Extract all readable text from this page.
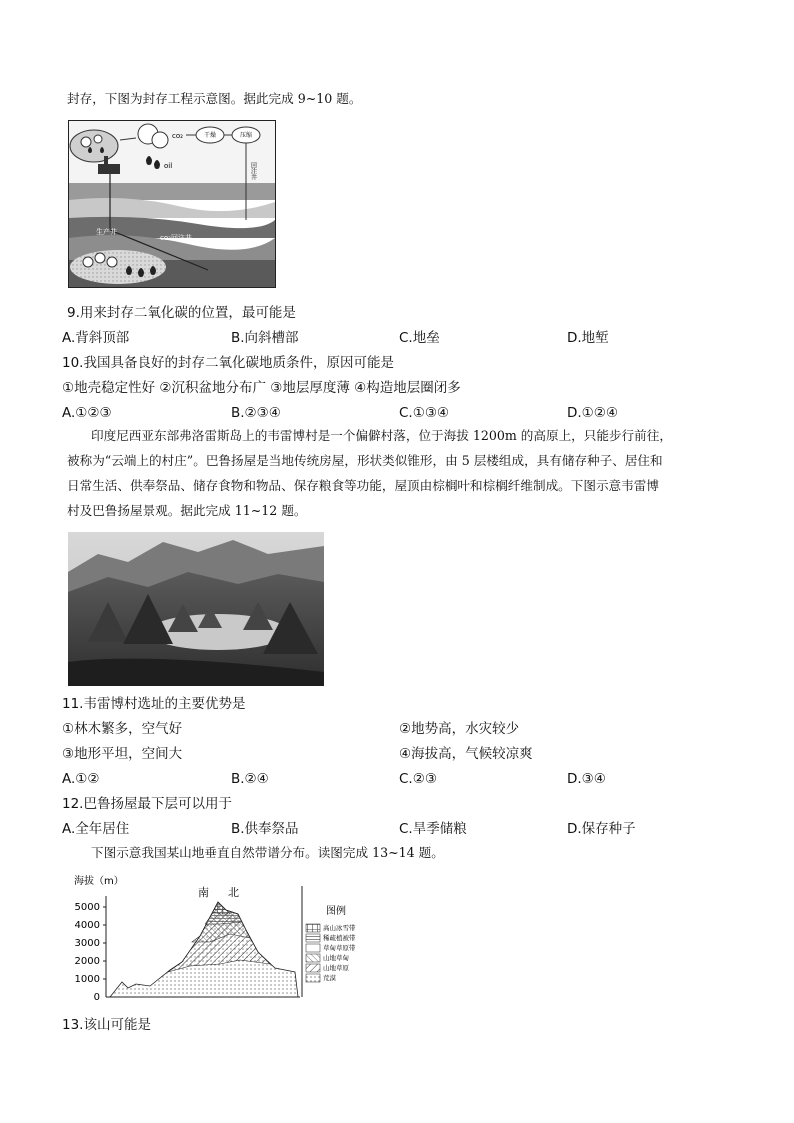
封存，下图为封存工程示意图。据此完成 9~10 题。
co₂	干燥	压缩
回注井
oil
生产井
co₂回注井
9.用来封存二氧化碳的位置，最可能是
A.背斜顶部	B.向斜槽部	C.地垒	D.地堑
10.我国具备良好的封存二氧化碳地质条件，原因可能是
①地壳稳定性好 ②沉积盆地分布广 ③地层厚度薄 ④构造地层圈闭多
A.①②③	B.②③④	C.①③④	D.①②④
印度尼西亚东部弗洛雷斯岛上的韦雷博村是一个偏僻村落，位于海拔 1200m 的高原上，只能步行前往，
被称为“云端上的村庄”。巴鲁扬屋是当地传统房屋，形状类似锥形，由 5 层楼组成，具有储存种子、居住和
日常生活、供奉祭品、储存食物和物品、保存粮食等功能，屋顶由棕榈叶和棕榈纤维制成。下图示意韦雷博
村及巴鲁扬屋景观。据此完成 11~12 题。
11.韦雷博村选址的主要优势是
①林木繁多，空气好	②地势高，水灾较少
③地形平坦，空间大	④海拔高，气候较凉爽
A.①②	B.②④	C.②③	D.③④
12.巴鲁扬屋最下层可以用于
A.全年居住	B.供奉祭品	C.旱季储粮	D.保存种子
下图示意我国某山地垂直自然带谱分布。读图完成 13~14 题。
海拔（m）
5000
4000
3000
2000
1000
0
南 北
图例
高山冰雪带
稀疏植被带
草甸草原带
山地草甸
山地草原
荒漠
13.该山可能是
